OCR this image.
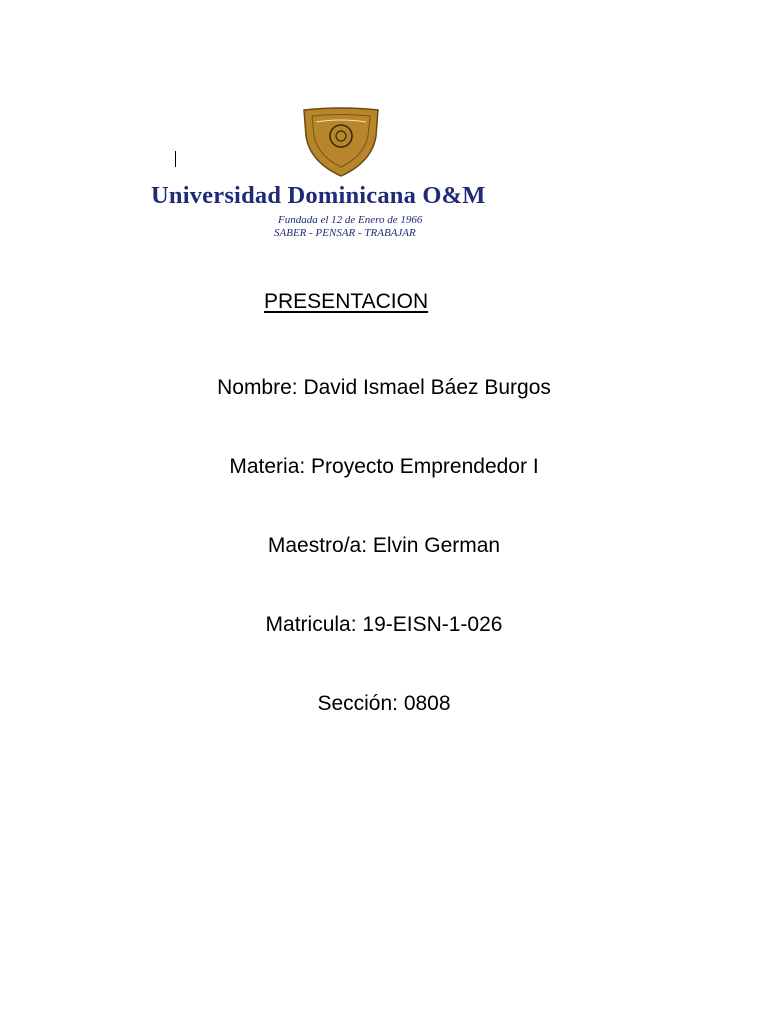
Universidad Dominicana O&M
Fundada el 12 de Enero de 1966
SABER - PENSAR - TRABAJAR
PRESENTACION
Nombre: David Ismael Báez Burgos
Materia: Proyecto Emprendedor I
Maestro/a: Elvin German
Matricula: 19-EISN-1-026
Sección: 0808
